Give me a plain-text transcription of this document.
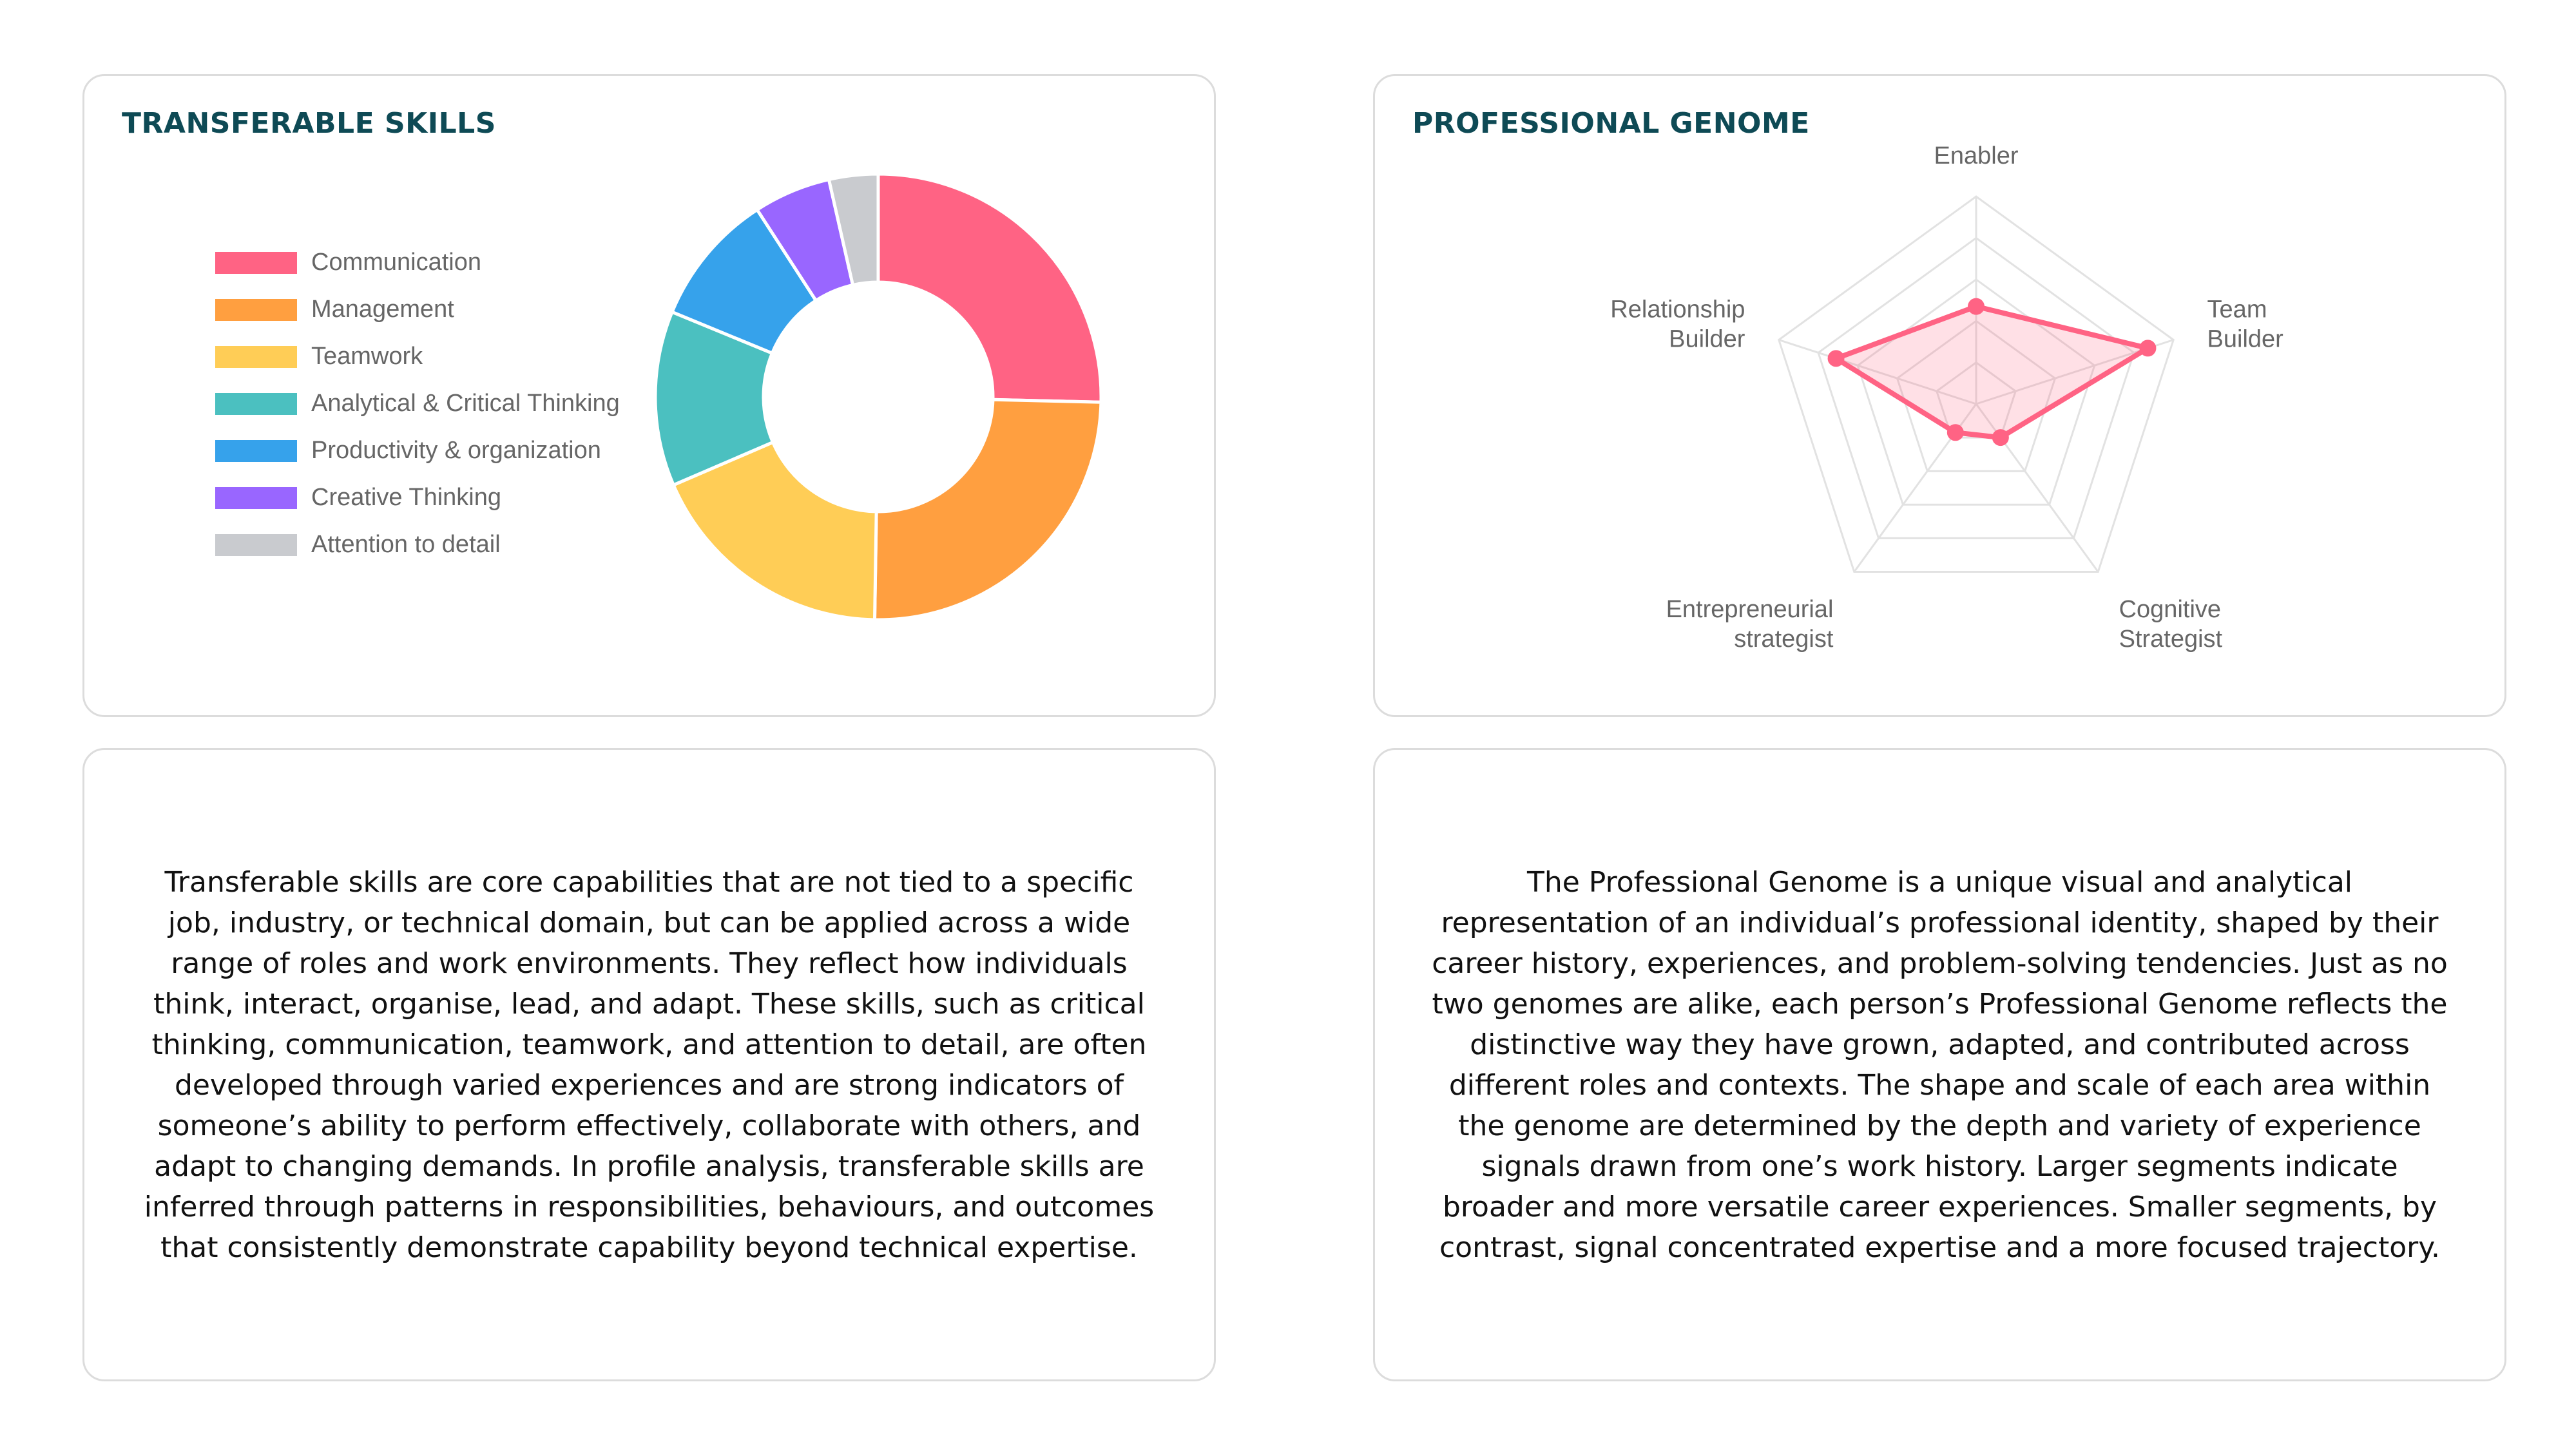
TRANSFERABLE SKILLS
Communication
Management
Teamwork
Analytical & Critical Thinking
Productivity & organization
Creative Thinking
Attention to detail
PROFESSIONAL GENOME
Enabler
Team
Builder
Cognitive
Strategist
Entrepreneurial
strategist
Relationship
Builder

Transferable skills are core capabilities that are not tied to a specific job, industry, or technical domain, but can be applied across a wide range of roles and work environments. They reflect how individuals think, interact, organise, lead, and adapt. These skills, such as critical thinking, communication, teamwork, and attention to detail, are often developed through varied experiences and are strong indicators of someone’s ability to perform effectively, collaborate with others, and adapt to changing demands. In profile analysis, transferable skills are inferred through patterns in responsibilities, behaviours, and outcomes that consistently demonstrate capability beyond technical expertise.

The Professional Genome is a unique visual and analytical representation of an individual’s professional identity, shaped by their career history, experiences, and problem-solving tendencies. Just as no two genomes are alike, each person’s Professional Genome reflects the distinctive way they have grown, adapted, and contributed across different roles and contexts. The shape and scale of each area within the genome are determined by the depth and variety of experience signals drawn from one’s work history. Larger segments indicate broader and more versatile career experiences. Smaller segments, by contrast, signal concentrated expertise and a more focused trajectory.
